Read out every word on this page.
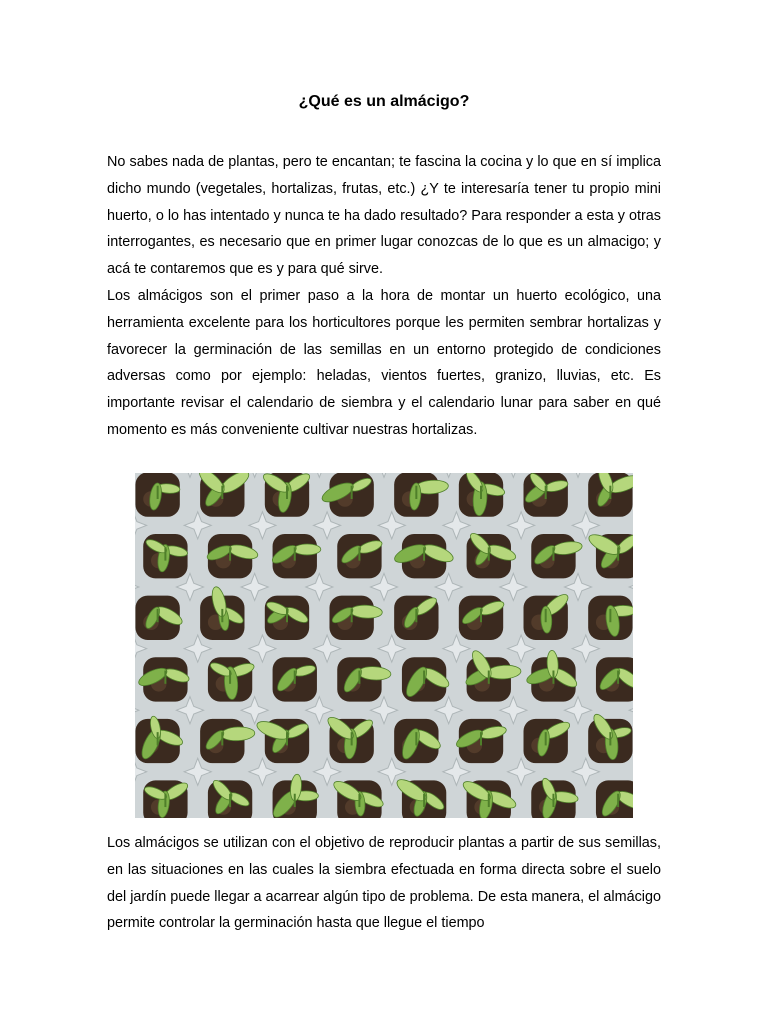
¿Qué es un almácigo?

No sabes nada de plantas, pero te encantan; te fascina la cocina y lo que en sí implica dicho mundo (vegetales, hortalizas, frutas, etc.) ¿Y te interesaría tener tu propio mini huerto, o lo has intentado y nunca te ha dado resultado? Para responder a esta y otras interrogantes, es necesario que en primer lugar conozcas de lo que es un almacigo; y acá te contaremos que es y para qué sirve.

Los almácigos son el primer paso a la hora de montar un huerto ecológico, una herramienta excelente para los horticultores porque les permiten sembrar hortalizas y favorecer la germinación de las semillas en un entorno protegido de condiciones adversas como por ejemplo: heladas, vientos fuertes, granizo, lluvias, etc. Es importante revisar el calendario de siembra y el calendario lunar para saber en qué momento es más conveniente cultivar nuestras hortalizas.

Los almácigos se utilizan con el objetivo de reproducir plantas a partir de sus semillas, en las situaciones en las cuales la siembra efectuada en forma directa sobre el suelo del jardín puede llegar a acarrear algún tipo de problema. De esta manera, el almácigo permite controlar la germinación hasta que llegue el tiempo
